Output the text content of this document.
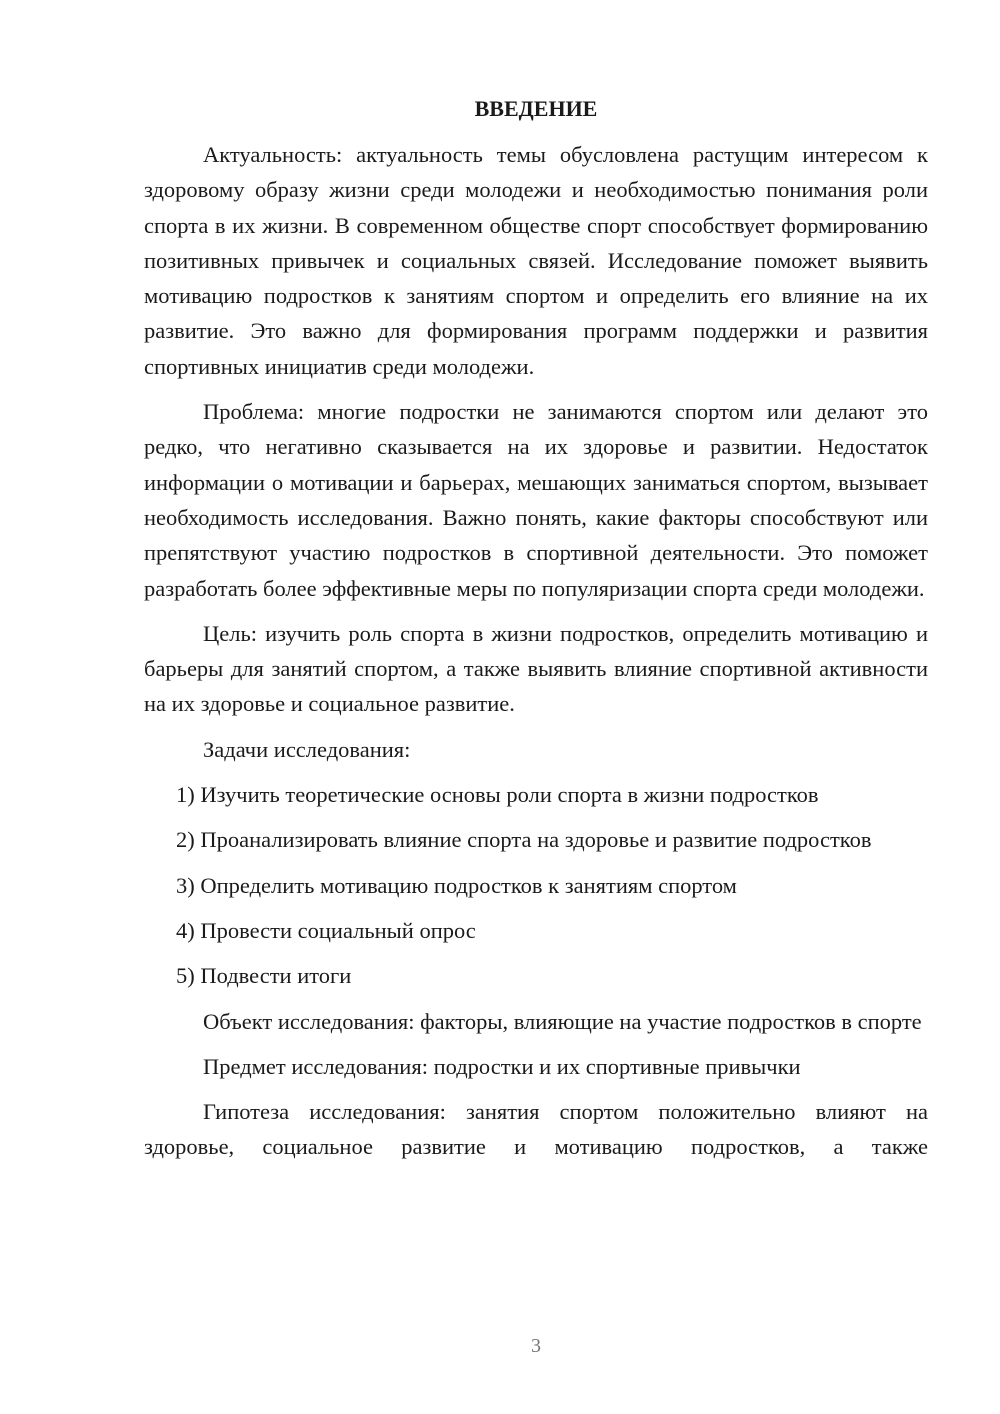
ВВЕДЕНИЕ

Актуальность: актуальность темы обусловлена растущим интересом к здоровому образу жизни среди молодежи и необходимостью понимания роли спорта в их жизни. В современном обществе спорт способствует формированию позитивных привычек и социальных связей. Исследование поможет выявить мотивацию подростков к занятиям спортом и определить его влияние на их развитие. Это важно для формирования программ поддержки и развития спортивных инициатив среди молодежи.

Проблема: многие подростки не занимаются спортом или делают это редко, что негативно сказывается на их здоровье и развитии. Недостаток информации о мотивации и барьерах, мешающих заниматься спортом, вызывает необходимость исследования. Важно понять, какие факторы способствуют или препятствуют участию подростков в спортивной деятельности. Это поможет разработать более эффективные меры по популяризации спорта среди молодежи.

Цель: изучить роль спорта в жизни подростков, определить мотивацию и барьеры для занятий спортом, а также выявить влияние спортивной активности на их здоровье и социальное развитие.

Задачи исследования:

1) Изучить теоретические основы роли спорта в жизни подростков

2) Проанализировать влияние спорта на здоровье и развитие подростков

3) Определить мотивацию подростков к занятиям спортом

4) Провести социальный опрос

5) Подвести итоги

Объект исследования: факторы, влияющие на участие подростков в спорте

Предмет исследования: подростки и их спортивные привычки

Гипотеза исследования: занятия спортом положительно влияют на здоровье, социальное развитие и мотивацию подростков, а также

3
